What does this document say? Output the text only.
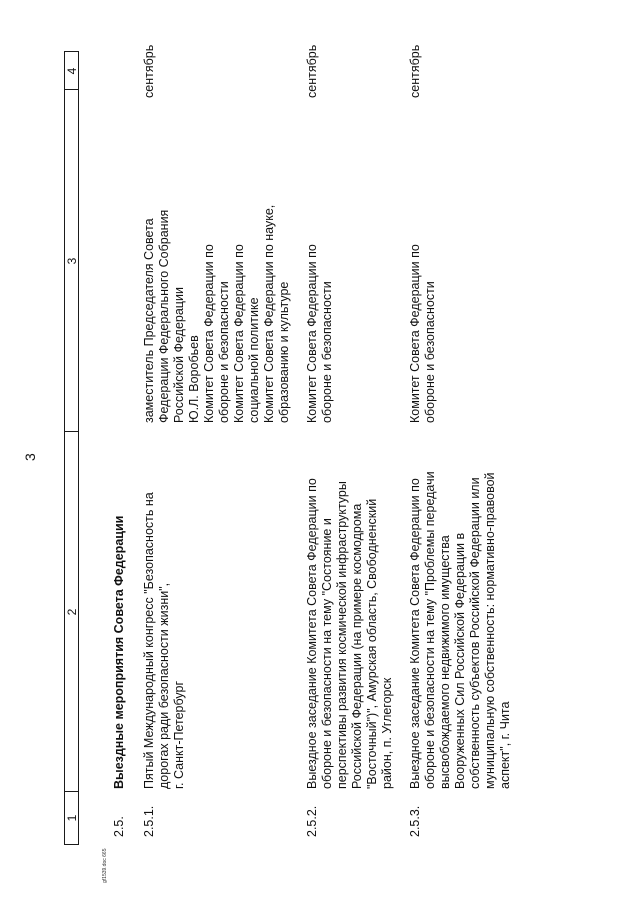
3
gf1539.doc 665
1
2
3
4
2.5.
Выездные мероприятия Совета Федерации
2.5.1.
Пятый Международный конгресс "Безопасность на
дорогах ради безопасности жизни",
г. Санкт-Петербург
заместитель Председателя Совета
Федерации Федерального Собрания
Российской Федерации
Ю.Л. Воробьев
Комитет Совета Федерации по
обороне и безопасности
Комитет Совета Федерации по
социальной политике
Комитет Совета Федерации по науке,
образованию и культуре
сентябрь
2.5.2.
Выездное заседание Комитета Совета Федерации по
обороне и безопасности на тему "Состояние и
перспективы развития космической инфраструктуры
Российской Федерации (на примере космодрома
"Восточный")", Амурская область, Свободненский
район, п. Углегорск
Комитет Совета Федерации по
обороне и безопасности
сентябрь
2.5.3.
Выездное заседание Комитета Совета Федерации по
обороне и безопасности на тему "Проблемы передачи
высвобождаемого недвижимого имущества
Вооруженных Сил Российской Федерации в
собственность субъектов Российской Федерации или
муниципальную собственность: нормативно-правовой
аспект", г. Чита
Комитет Совета Федерации по
обороне и безопасности
сентябрь
